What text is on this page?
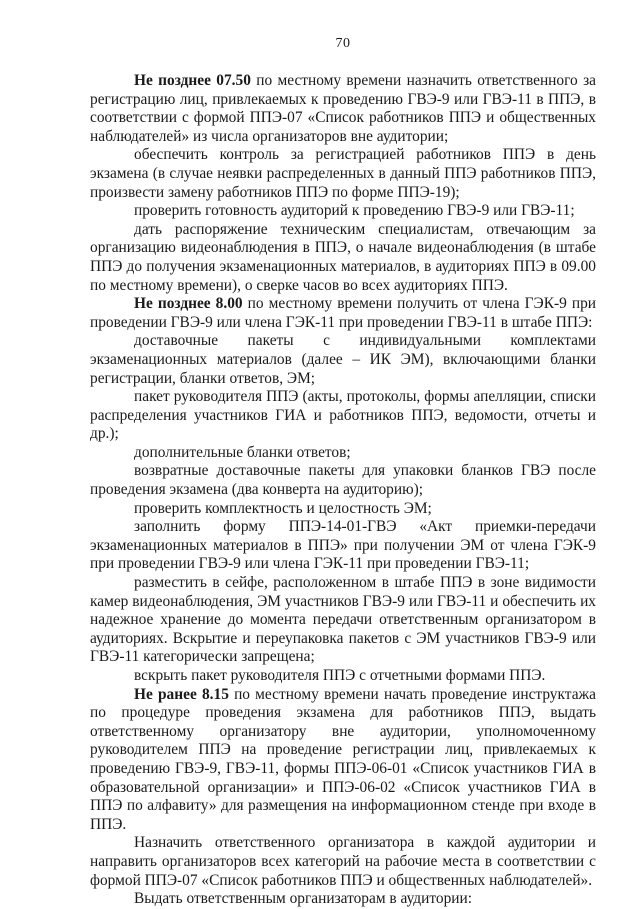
70

Не позднее 07.50 по местному времени назначить ответственного за регистрацию лиц, привлекаемых к проведению ГВЭ-9 или ГВЭ-11 в ППЭ, в соответствии с формой ППЭ-07 «Список работников ППЭ и общественных наблюдателей» из числа организаторов вне аудитории;

обеспечить контроль за регистрацией работников ППЭ в день экзамена (в случае неявки распределенных в данный ППЭ работников ППЭ, произвести замену работников ППЭ по форме ППЭ-19);

проверить готовность аудиторий к проведению ГВЭ-9 или ГВЭ-11;

дать распоряжение техническим специалистам, отвечающим за организацию видеонаблюдения в ППЭ, о начале видеонаблюдения (в штабе ППЭ до получения экзаменационных материалов, в аудиториях ППЭ в 09.00 по местному времени), о сверке часов во всех аудиториях ППЭ.

Не позднее 8.00 по местному времени получить от члена ГЭК-9 при проведении ГВЭ-9 или члена ГЭК-11 при проведении ГВЭ-11 в штабе ППЭ:

доставочные пакеты с индивидуальными комплектами экзаменационных материалов (далее – ИК ЭМ), включающими бланки регистрации, бланки ответов, ЭМ;

пакет руководителя ППЭ (акты, протоколы, формы апелляции, списки распределения участников ГИА и работников ППЭ, ведомости, отчеты и др.);

дополнительные бланки ответов;

возвратные доставочные пакеты для упаковки бланков ГВЭ после проведения экзамена (два конверта на аудиторию);

проверить комплектность и целостность ЭМ;

заполнить форму ППЭ-14-01-ГВЭ «Акт приемки-передачи экзаменационных материалов в ППЭ» при получении ЭМ от члена ГЭК-9 при проведении ГВЭ-9 или члена ГЭК-11 при проведении ГВЭ-11;

разместить в сейфе, расположенном в штабе ППЭ в зоне видимости камер видеонаблюдения, ЭМ участников ГВЭ-9 или ГВЭ-11 и обеспечить их надежное хранение до момента передачи ответственным организатором в аудиториях. Вскрытие и переупаковка пакетов с ЭМ участников ГВЭ-9 или ГВЭ-11 категорически запрещена;

вскрыть пакет руководителя ППЭ с отчетными формами ППЭ.

Не ранее 8.15 по местному времени начать проведение инструктажа по процедуре проведения экзамена для работников ППЭ, выдать ответственному организатору вне аудитории, уполномоченному руководителем ППЭ на проведение регистрации лиц, привлекаемых к проведению ГВЭ-9, ГВЭ-11, формы ППЭ-06-01 «Список участников ГИА в образовательной организации» и ППЭ-06-02 «Список участников ГИА в ППЭ по алфавиту» для размещения на информационном стенде при входе в ППЭ.

Назначить ответственного организатора в каждой аудитории и направить организаторов всех категорий на рабочие места в соответствии с формой ППЭ-07 «Список работников ППЭ и общественных наблюдателей».

Выдать ответственным организаторам в аудитории:
